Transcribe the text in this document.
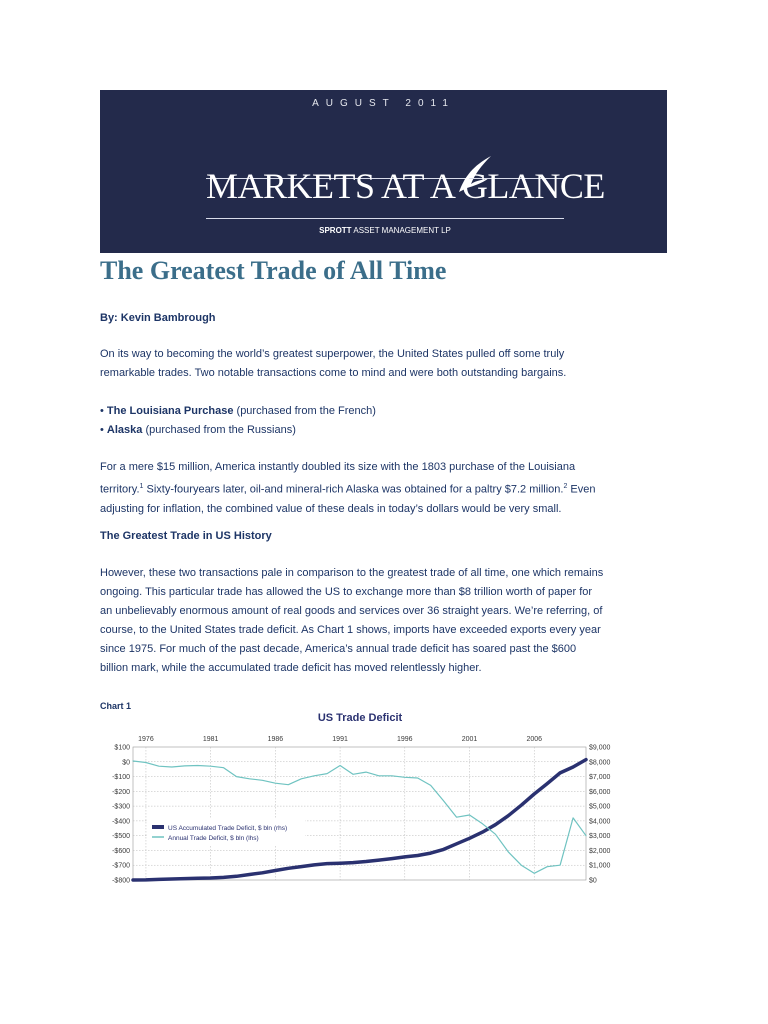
AUGUST 2011
MARKETS AT A GLANCE
SPROTT ASSET MANAGEMENT LP
The Greatest Trade of All Time
By: Kevin Bambrough
On its way to becoming the world’s greatest superpower, the United States pulled off some truly
remarkable trades. Two notable transactions come to mind and were both outstanding bargains.
• The Louisiana Purchase (purchased from the French)
• Alaska (purchased from the Russians)
For a mere $15 million, America instantly doubled its size with the 1803 purchase of the Louisiana
territory.$^1$ Sixty-fouryears later, oil-and mineral-rich Alaska was obtained for a paltry $7.2 million.$^2$ Even
adjusting for inflation, the combined value of these deals in today’s dollars would be very small.
The Greatest Trade in US History
However, these two transactions pale in comparison to the greatest trade of all time, one which remains
ongoing. This particular trade has allowed the US to exchange more than $8 trillion worth of paper for
an unbelievably enormous amount of real goods and services over 36 straight years. We’re referring, of
course, to the United States trade deficit. As Chart 1 shows, imports have exceeded exports every year
since 1975. For much of the past decade, America’s annual trade deficit has soared past the $600
billion mark, while the accumulated trade deficit has moved relentlessly higher.
Chart 1
US Trade Deficit
$100
$0
-$100
-$200
-$300
-$400
-$500
-$600
-$700
-$800
$9,000
$8,000
$7,000
$6,000
$5,000
$4,000
$3,000
$2,000
$1,000
$0
1976	1981	1986	1991	1996	2001	2006
US Accumulated Trade Deficit, $ bln (rhs)
Annual Trade Deficit, $ bln (lhs)
